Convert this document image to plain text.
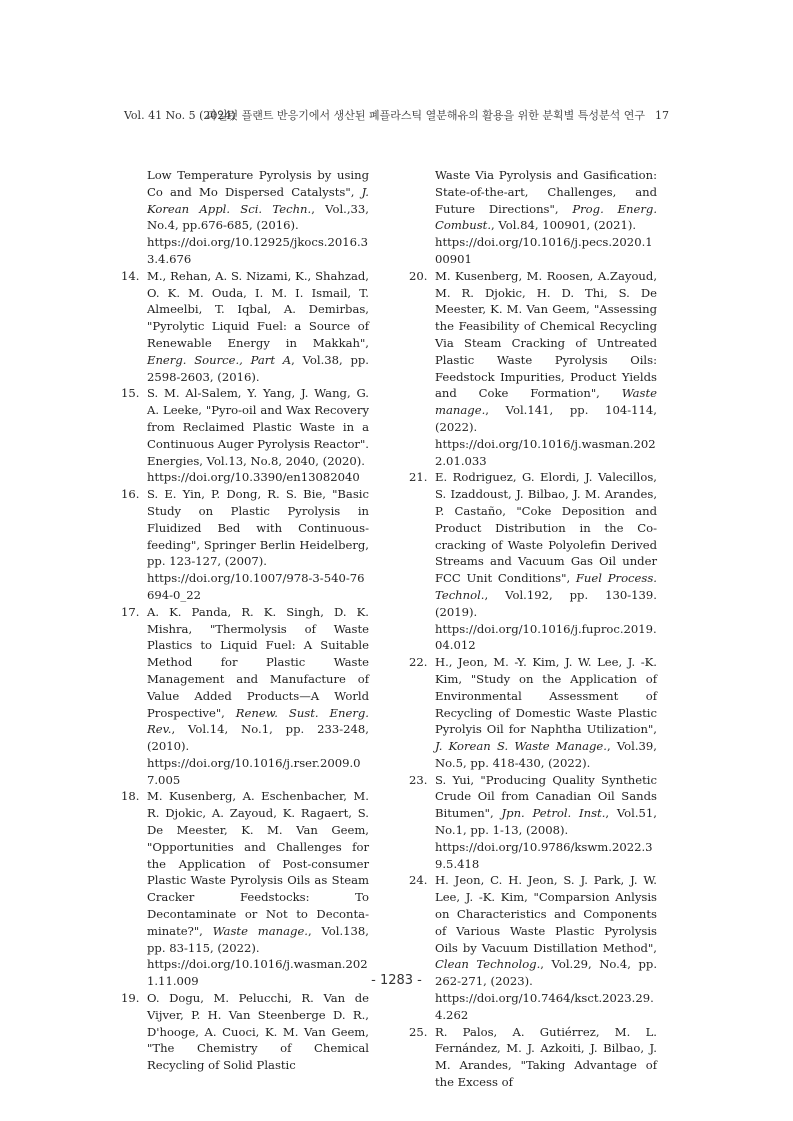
Vol. 41 No. 5 (2024)
파일럿 플랜트 반응기에서 생산된 폐플라스틱 열분해유의 활용을 위한 분획별 특성분석 연구 17
Low Temperature Pyrolysis by using Co and Mo Dispersed Catalysts", J. Korean Appl. Sci. Techn., Vol.,33, No.4, pp.676-685, (2016).
https://doi.org/10.12925/jkocs.2016.33.4.676
14. M., Rehan, A. S. Nizami, K., Shahzad, O. K. M. Ouda, I. M. I. Ismail, T. Almeelbi, T. Iqbal, A. Demirbas, "Pyrolytic Liquid Fuel: a Source of Renewable Energy in Makkah", Energ. Source., Part A, Vol.38, pp. 2598-2603, (2016).
15. S. M. Al-Salem, Y. Yang, J. Wang, G. A. Leeke, "Pyro-oil and Wax Recovery from Reclaimed Plastic Waste in a Continuous Auger Pyrolysis Reactor". Energies, Vol.13, No.8, 2040, (2020).
https://doi.org/10.3390/en13082040
16. S. E. Yin, P. Dong, R. S. Bie, "Basic Study on Plastic Pyrolysis in Fluidized Bed with Continuous-feeding", Springer Berlin Heidelberg, pp. 123-127, (2007).
https://doi.org/10.1007/978-3-540-76694-0_22
17. A. K. Panda, R. K. Singh, D. K. Mishra, "Thermolysis of Waste Plastics to Liquid Fuel: A Suitable Method for Plastic Waste Management and Manufacture of Value Added Products—A World Prospective", Renew. Sust. Energ. Rev., Vol.14, No.1, pp. 233-248, (2010).
https://doi.org/10.1016/j.rser.2009.07.005
18. M. Kusenberg, A. Eschenbacher, M. R. Djokic, A. Zayoud, K. Ragaert, S. De Meester, K. M. Van Geem, "Opportunities and Challenges for the Application of Post-consumer Plastic Waste Pyrolysis Oils as Steam Cracker Feedstocks: To Decontaminate or Not to Deconta-minate?", Waste manage., Vol.138, pp. 83-115, (2022).
https://doi.org/10.1016/j.wasman.2021.11.009
19. O. Dogu, M. Pelucchi, R. Van de Vijver, P. H. Van Steenberge D. R., D'hooge, A. Cuoci, K. M. Van Geem, "The Chemistry of Chemical Recycling of Solid Plastic
Waste Via Pyrolysis and Gasification: State-of-the-art, Challenges, and Future Directions", Prog. Energ. Combust., Vol.84, 100901, (2021).
https://doi.org/10.1016/j.pecs.2020.100901
20. M. Kusenberg, M. Roosen, A.Zayoud, M. R. Djokic, H. D. Thi, S. De Meester, K. M. Van Geem, "Assessing the Feasibility of Chemical Recycling Via Steam Cracking of Untreated Plastic Waste Pyrolysis Oils: Feedstock Impurities, Product Yields and Coke Formation", Waste manage., Vol.141, pp. 104-114, (2022).
https://doi.org/10.1016/j.wasman.2022.01.033
21. E. Rodriguez, G. Elordi, J. Valecillos, S. Izaddoust, J. Bilbao, J. M. Arandes, P. Castaño, "Coke Deposition and Product Distribution in the Co-cracking of Waste Polyolefin Derived Streams and Vacuum Gas Oil under FCC Unit Conditions", Fuel Process. Technol., Vol.192, pp. 130-139. (2019).
https://doi.org/10.1016/j.fuproc.2019.04.012
22. H., Jeon, M. -Y. Kim, J. W. Lee, J. -K. Kim, "Study on the Application of Environmental Assessment of Recycling of Domestic Waste Plastic Pyrolyis Oil for Naphtha Utilization", J. Korean S. Waste Manage., Vol.39, No.5, pp. 418-430, (2022).
23. S. Yui, "Producing Quality Synthetic Crude Oil from Canadian Oil Sands Bitumen", Jpn. Petrol. Inst., Vol.51, No.1, pp. 1-13, (2008).
https://doi.org/10.9786/kswm.2022.39.5.418
24. H. Jeon, C. H. Jeon, S. J. Park, J. W. Lee, J. -K. Kim, "Comparsion Anlysis on Characteristics and Components of Various Waste Plastic Pyrolysis Oils by Vacuum Distillation Method", Clean Technolog., Vol.29, No.4, pp. 262-271, (2023).
https://doi.org/10.7464/ksct.2023.29.4.262
25. R. Palos, A. Gutiérrez, M. L. Fernández, M. J. Azkoiti, J. Bilbao, J. M. Arandes, "Taking Advantage of the Excess of
- 1283 -
